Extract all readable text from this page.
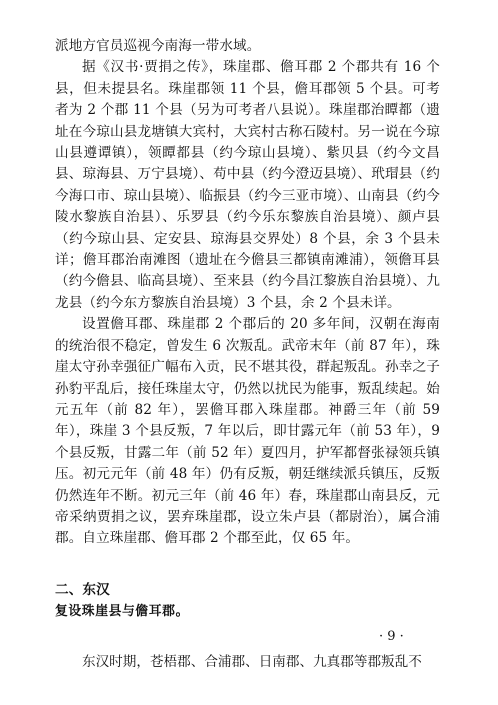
派地方官员巡视今南海一带水域。

据《汉书·贾捐之传》，珠崖郡、儋耳郡 2 个郡共有 16 个县，但未提县名。珠崖郡领 11 个县，儋耳郡领 5 个县。可考者为 2 个郡 11 个县（另为可考者八县说）。珠崖郡治瞫都（遗址在今琼山县龙塘镇大宾村，大宾村古称石陵村。另一说在今琼山县遵谭镇），领瞫都县（约今琼山县境）、紫贝县（约今文昌县、琼海县、万宁县境）、苟中县（约今澄迈县境）、玳瑁县（约今海口市、琼山县境）、临振县（约今三亚市境）、山南县（约今陵水黎族自治县）、乐罗县（约今乐东黎族自治县境）、颜卢县（约今琼山县、定安县、琼海县交界处）8 个县，余 3 个县未详；儋耳郡治南滩图（遗址在今儋县三都镇南滩浦），领儋耳县（约今儋县、临高县境）、至来县（约今昌江黎族自治县境）、九龙县（约今东方黎族自治县境）3 个县，余 2 个县未详。

设置儋耳郡、珠崖郡 2 个郡后的 20 多年间，汉朝在海南的统治很不稳定，曾发生 6 次叛乱。武帝末年（前 87 年），珠崖太守孙幸强征广幅布入贡，民不堪其役，群起叛乱。孙幸之子孙豹平乱后，接任珠崖太守，仍然以扰民为能事，叛乱续起。始元五年（前 82 年），罢儋耳郡入珠崖郡。神爵三年（前 59 年），珠崖 3 个县反叛，7 年以后，即甘露元年（前 53 年），9 个县反叛，甘露二年（前 52 年）夏四月，护军都督张禄领兵镇压。初元元年（前 48 年）仍有反叛，朝廷继续派兵镇压，反叛仍然连年不断。初元三年（前 46 年）春，珠崖郡山南县反，元帝采纳贾捐之议，罢弃珠崖郡，设立朱卢县（都尉治），属合浦郡。自立珠崖郡、儋耳郡 2 个郡至此，仅 65 年。

二、东汉

复设珠崖县与儋耳郡。

东汉时期，苍梧郡、合浦郡、日南郡、九真郡等郡叛乱不
· 9 ·
